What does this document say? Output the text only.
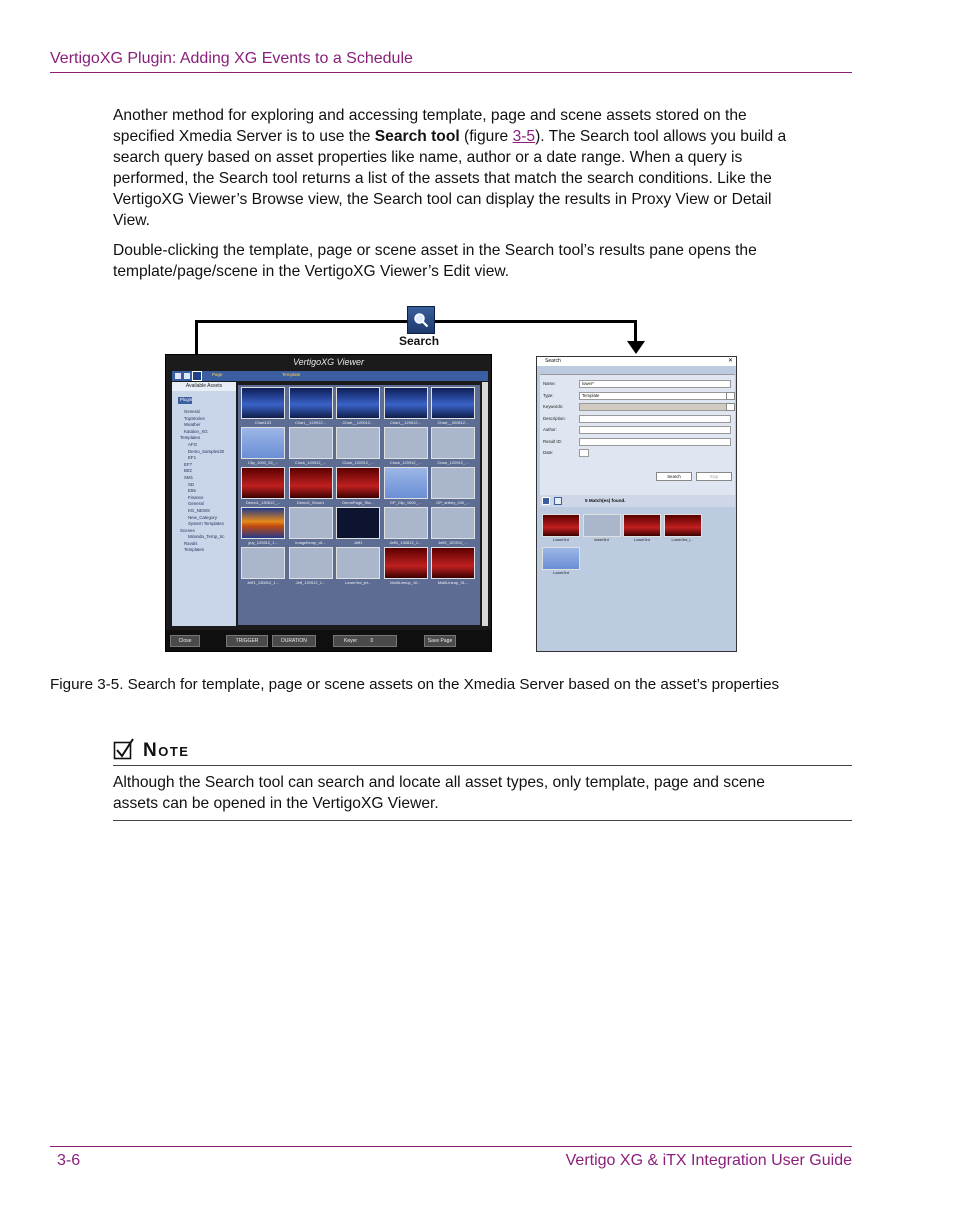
VertigoXG Plugin: Adding XG Events to a Schedule

Another method for exploring and accessing template, page and scene assets stored on the specified Xmedia Server is to use the Search tool (figure 3-5). The Search tool allows you build a search query based on asset properties like name, author or a date range. When a query is performed, the Search tool returns a list of the assets that match the search conditions. Like the VertigoXG Viewer’s Browse view, the Search tool can display the results in Proxy View or Detail View.

Double-clicking the template, page or scene asset in the Search tool’s results pane opens the template/page/scene in the VertigoXG Viewer’s Edit view.

Search
VertigoXG Viewer
Page	Template
Available Assets
Plugin
General
TopStories
Weather
Katalon_XG
Templates
AFO
Demo_Samples30
EF1
EF7
B02
SM1
SD
E55
Finance
General
KG_NEWS
New_Category
System Templates
Scenes
Miranda_Temp_Sc
Ravals
Templates
Chart123	Chart__120912...	Chart__1209​12...	Chart__120912...	Chart__200812...
Clip_1000_25_...	Clock_120912_...	Clock_120912_...	Clock_120912_...	Clock_120912_...
Demo1_130812_...	Demo2_Show1	DemoPage_Sta...	GP_Clip_1000_...	GP_arthey_240_...
guy_120912_1...	imageItemp_cli...	Jeff1	Jeff1_130812_1...	Jeff2_120912_...
Jeff1_130812_1...	Jeff_120912_1...	Lower3rd_jet...	MultiLineup_10...	MultiLineup_31...
Close	TRIGGER	DURATION	Keyer	0	Save Page
Search	✕
Search	Stop
Name:	lower*
Type:	Template
Keywords:
Description:
Author:
Result ID:
Date:
5 Match(es) found.
Lower3rd	lower3rd	Lower3rd	Lower3rd_l...
Lower3rd
Figure 3-5. Search for template, page or scene assets on the Xmedia Server based on the asset’s properties
Note

Although the Search tool can search and locate all asset types, only template, page and scene assets can be opened in the VertigoXG Viewer.

3-6	Vertigo XG & iTX Integration User Guide
